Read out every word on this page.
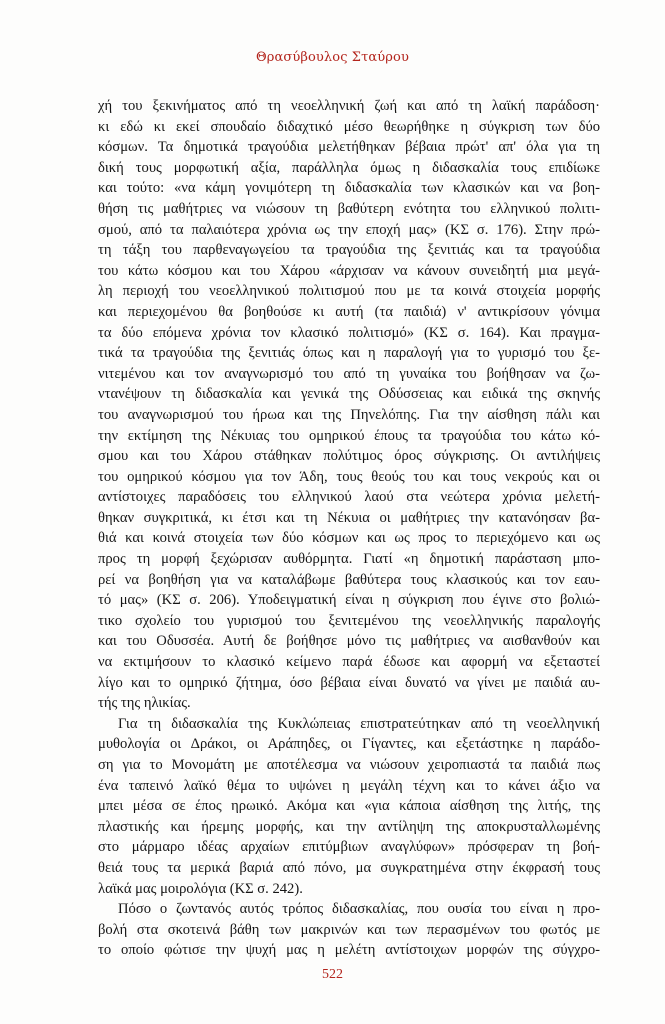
Θρασύβουλος Σταύρου
χή του ξεκινήματος από τη νεοελληνική ζωή και από τη λαϊκή παράδοση·
κι εδώ κι εκεί σπουδαίο διδαχτικό μέσο θεωρήθηκε η σύγκριση των δύο
κόσμων. Τα δημοτικά τραγούδια μελετήθηκαν βέβαια πρώτ' απ' όλα για τη
δική τους μορφωτική αξία, παράλληλα όμως η διδασκαλία τους επιδίωκε
και τούτο: «να κάμη γονιμότερη τη διδασκαλία των κλασικών και να βοη-
θήση τις μαθήτριες να νιώσουν τη βαθύτερη ενότητα του ελληνικού πολιτι-
σμού, από τα παλαιότερα χρόνια ως την εποχή μας» (ΚΣ σ. 176). Στην πρώ-
τη τάξη του παρθεναγωγείου τα τραγούδια της ξενιτιάς και τα τραγούδια
του κάτω κόσμου και του Χάρου «άρχισαν να κάνουν συνειδητή μια μεγά-
λη περιοχή του νεοελληνικού πολιτισμού που με τα κοινά στοιχεία μορφής
και περιεχομένου θα βοηθούσε κι αυτή (τα παιδιά) ν' αντικρίσουν γόνιμα
τα δύο επόμενα χρόνια τον κλασικό πολιτισμό» (ΚΣ σ. 164). Και πραγμα-
τικά τα τραγούδια της ξενιτιάς όπως και η παραλογή για το γυρισμό του ξε-
νιτεμένου και τον αναγνωρισμό του από τη γυναίκα του βοήθησαν να ζω-
ντανέψουν τη διδασκαλία και γενικά της Οδύσσειας και ειδικά της σκηνής
του αναγνωρισμού του ήρωα και της Πηνελόπης. Για την αίσθηση πάλι και
την εκτίμηση της Νέκυιας του ομηρικού έπους τα τραγούδια του κάτω κό-
σμου και του Χάρου στάθηκαν πολύτιμος όρος σύγκρισης. Οι αντιλήψεις
του ομηρικού κόσμου για τον Άδη, τους θεούς του και τους νεκρούς και οι
αντίστοιχες παραδόσεις του ελληνικού λαού στα νεώτερα χρόνια μελετή-
θηκαν συγκριτικά, κι έτσι και τη Νέκυια οι μαθήτριες την κατανόησαν βα-
θιά και κοινά στοιχεία των δύο κόσμων και ως προς το περιεχόμενο και ως
προς τη μορφή ξεχώρισαν αυθόρμητα. Γιατί «η δημοτική παράσταση μπο-
ρεί να βοηθήση για να καταλάβωμε βαθύτερα τους κλασικούς και τον εαυ-
τό μας» (ΚΣ σ. 206). Υποδειγματική είναι η σύγκριση που έγινε στο βολιώ-
τικο σχολείο του γυρισμού του ξενιτεμένου της νεοελληνικής παραλογής
και του Οδυσσέα. Αυτή δε βοήθησε μόνο τις μαθήτριες να αισθανθούν και
να εκτιμήσουν το κλασικό κείμενο παρά έδωσε και αφορμή να εξεταστεί
λίγο και το ομηρικό ζήτημα, όσο βέβαια είναι δυνατό να γίνει με παιδιά αυ-
τής της ηλικίας.
Για τη διδασκαλία της Κυκλώπειας επιστρατεύτηκαν από τη νεοελληνική
μυθολογία οι Δράκοι, οι Αράπηδες, οι Γίγαντες, και εξετάστηκε η παράδο-
ση για το Μονομάτη με αποτέλεσμα να νιώσουν χειροπιαστά τα παιδιά πως
ένα ταπεινό λαϊκό θέμα το υψώνει η μεγάλη τέχνη και το κάνει άξιο να
μπει μέσα σε έπος ηρωικό. Ακόμα και «για κάποια αίσθηση της λιτής, της
πλαστικής και ήρεμης μορφής, και την αντίληψη της αποκρυσταλλωμένης
στο μάρμαρο ιδέας αρχαίων επιτύμβιων αναγλύφων» πρόσφεραν τη βοή-
θειά τους τα μερικά βαριά από πόνο, μα συγκρατημένα στην έκφρασή τους
λαϊκά μας μοιρολόγια (ΚΣ σ. 242).
Πόσο ο ζωντανός αυτός τρόπος διδασκαλίας, που ουσία του είναι η προ-
βολή στα σκοτεινά βάθη των μακρινών και των περασμένων του φωτός με
το οποίο φώτισε την ψυχή μας η μελέτη αντίστοιχων μορφών της σύγχρο-
522
